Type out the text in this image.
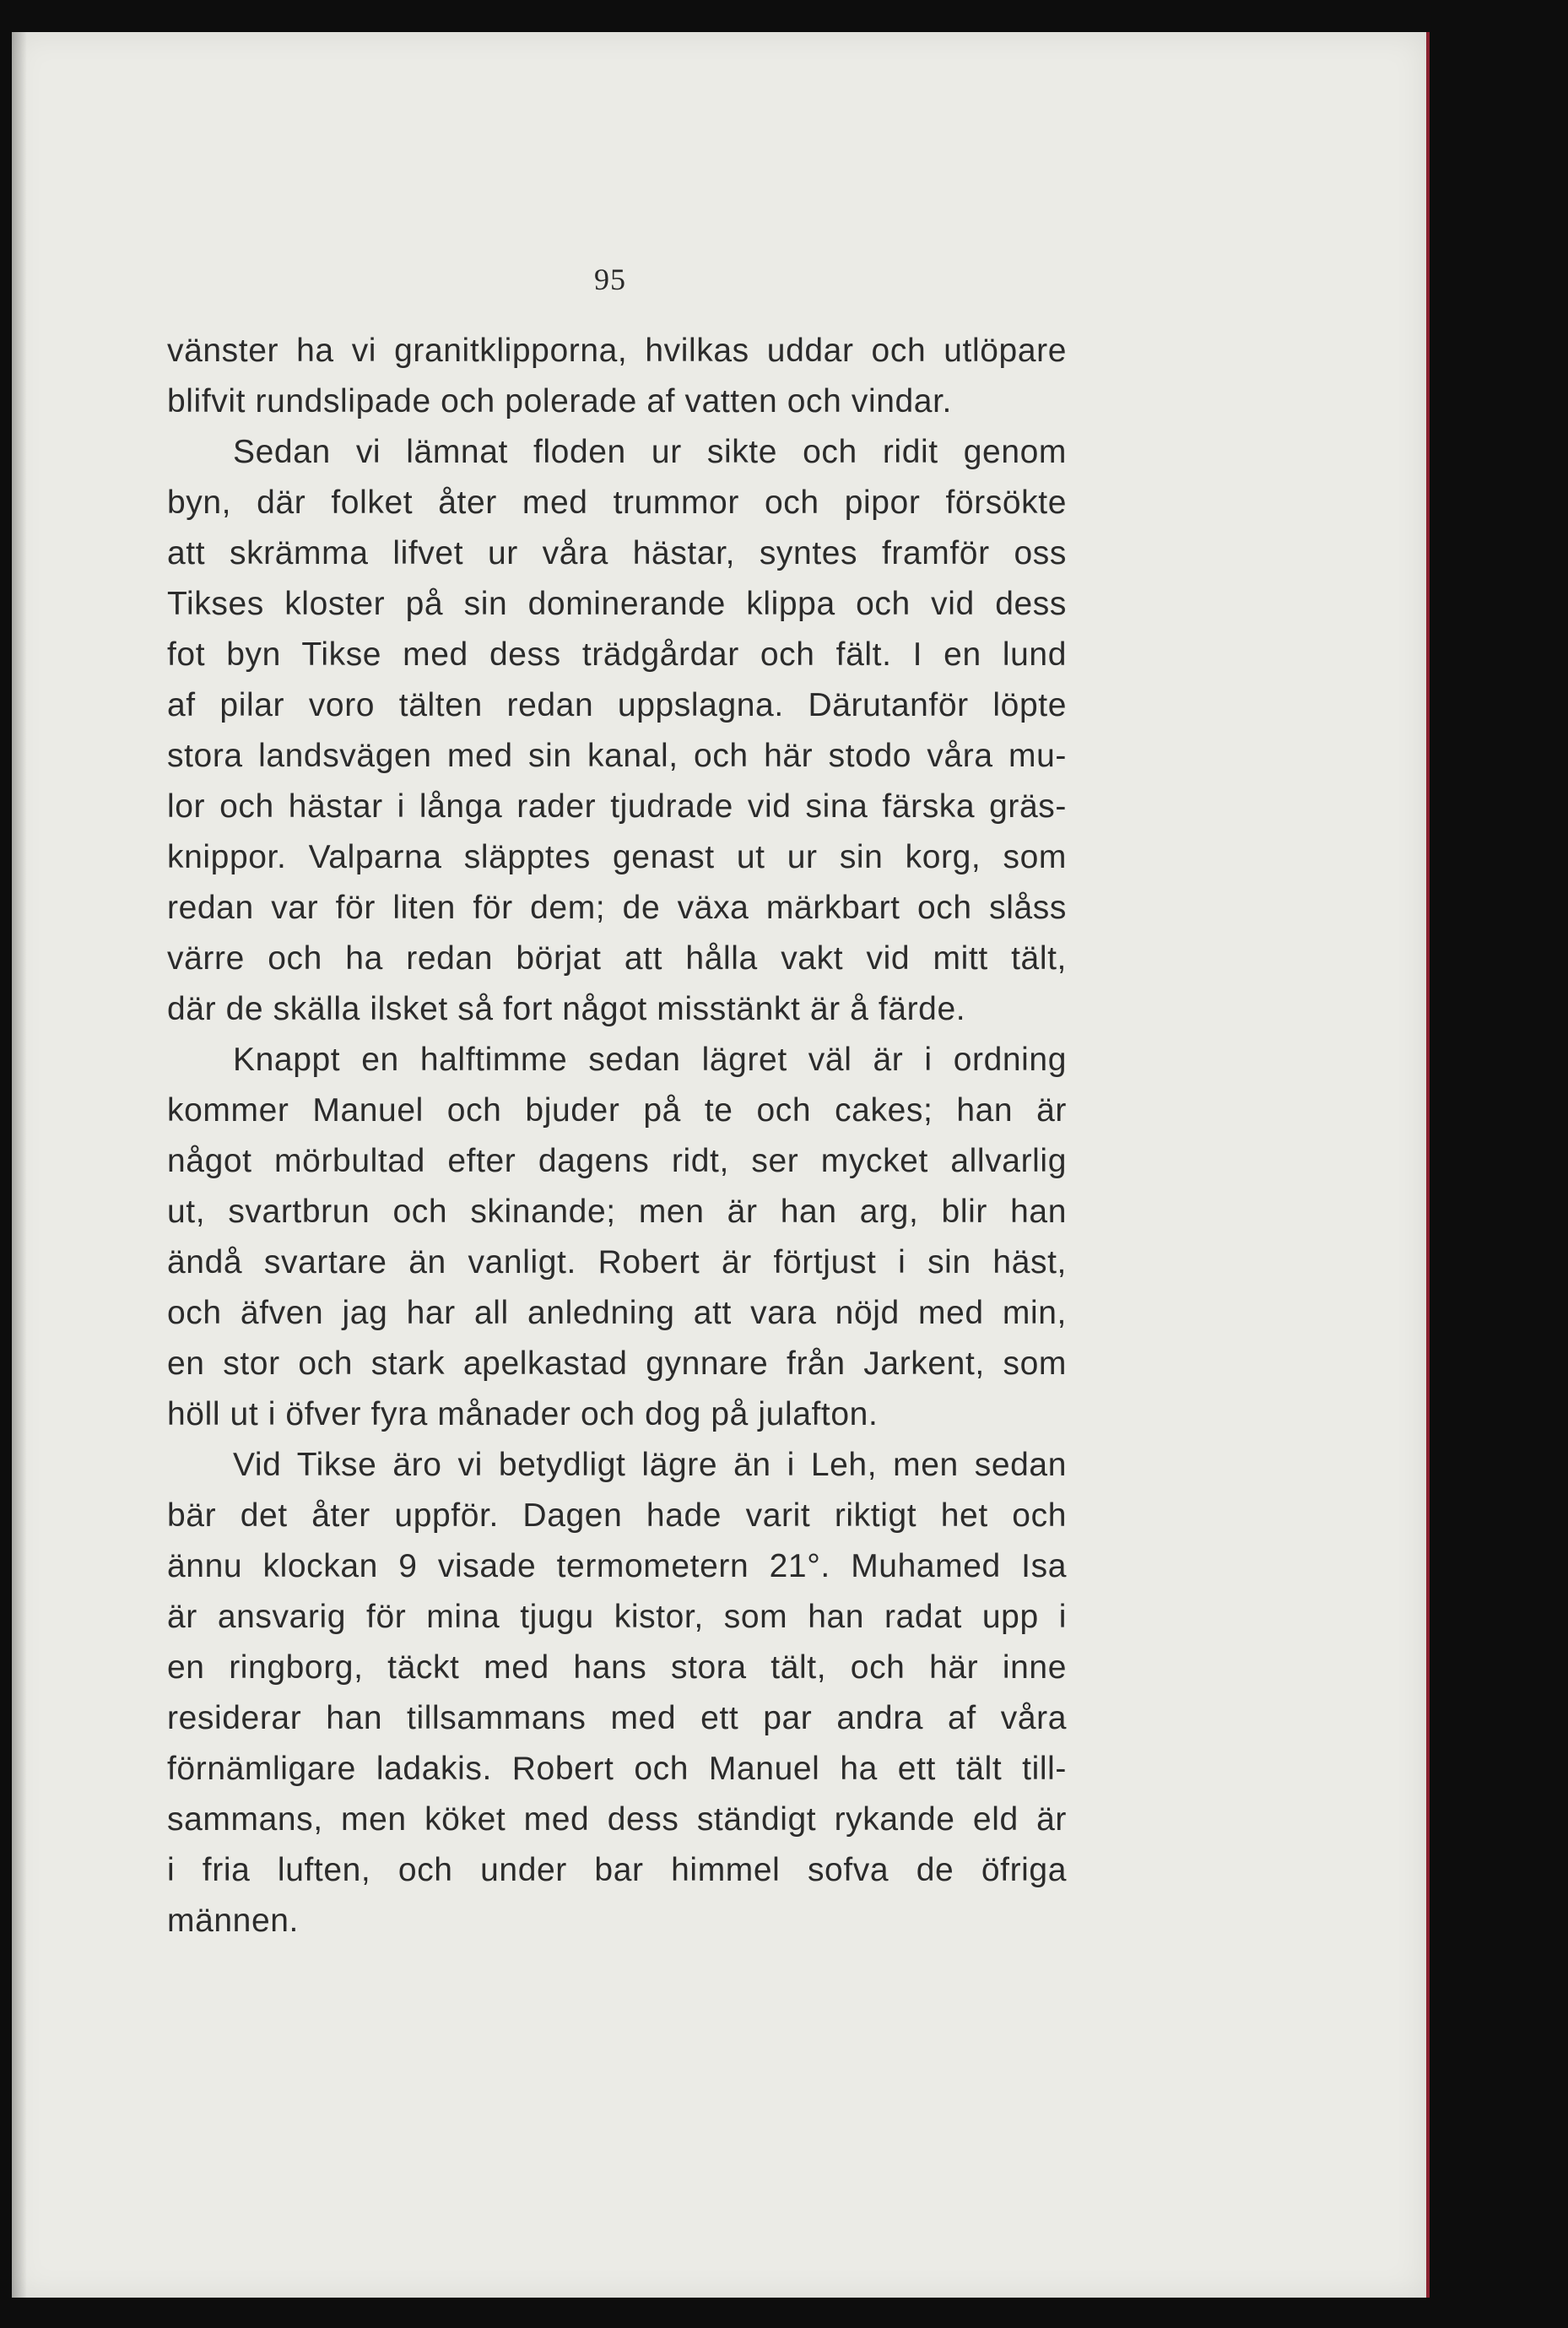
95
vänster ha vi granitklipporna, hvilkas uddar och utlöpare
blifvit rundslipade och polerade af vatten och vindar.
Sedan vi lämnat floden ur sikte och ridit genom
byn, där folket åter med trummor och pipor försökte
att skrämma lifvet ur våra hästar, syntes framför oss
Tikses kloster på sin dominerande klippa och vid dess
fot byn Tikse med dess trädgårdar och fält. I en lund
af pilar voro tälten redan uppslagna. Därutanför löpte
stora landsvägen med sin kanal, och här stodo våra mu-
lor och hästar i långa rader tjudrade vid sina färska gräs-
knippor. Valparna släpptes genast ut ur sin korg, som
redan var för liten för dem; de växa märkbart och slåss
värre och ha redan börjat att hålla vakt vid mitt tält,
där de skälla ilsket så fort något misstänkt är å färde.
Knappt en halftimme sedan lägret väl är i ordning
kommer Manuel och bjuder på te och cakes; han är
något mörbultad efter dagens ridt, ser mycket allvarlig
ut, svartbrun och skinande; men är han arg, blir han
ändå svartare än vanligt. Robert är förtjust i sin häst,
och äfven jag har all anledning att vara nöjd med min,
en stor och stark apelkastad gynnare från Jarkent, som
höll ut i öfver fyra månader och dog på julafton.
Vid Tikse äro vi betydligt lägre än i Leh, men sedan
bär det åter uppför. Dagen hade varit riktigt het och
ännu klockan 9 visade termometern 21°. Muhamed Isa
är ansvarig för mina tjugu kistor, som han radat upp i
en ringborg, täckt med hans stora tält, och här inne
residerar han tillsammans med ett par andra af våra
förnämligare ladakis. Robert och Manuel ha ett tält till-
sammans, men köket med dess ständigt rykande eld är
i fria luften, och under bar himmel sofva de öfriga
männen.
